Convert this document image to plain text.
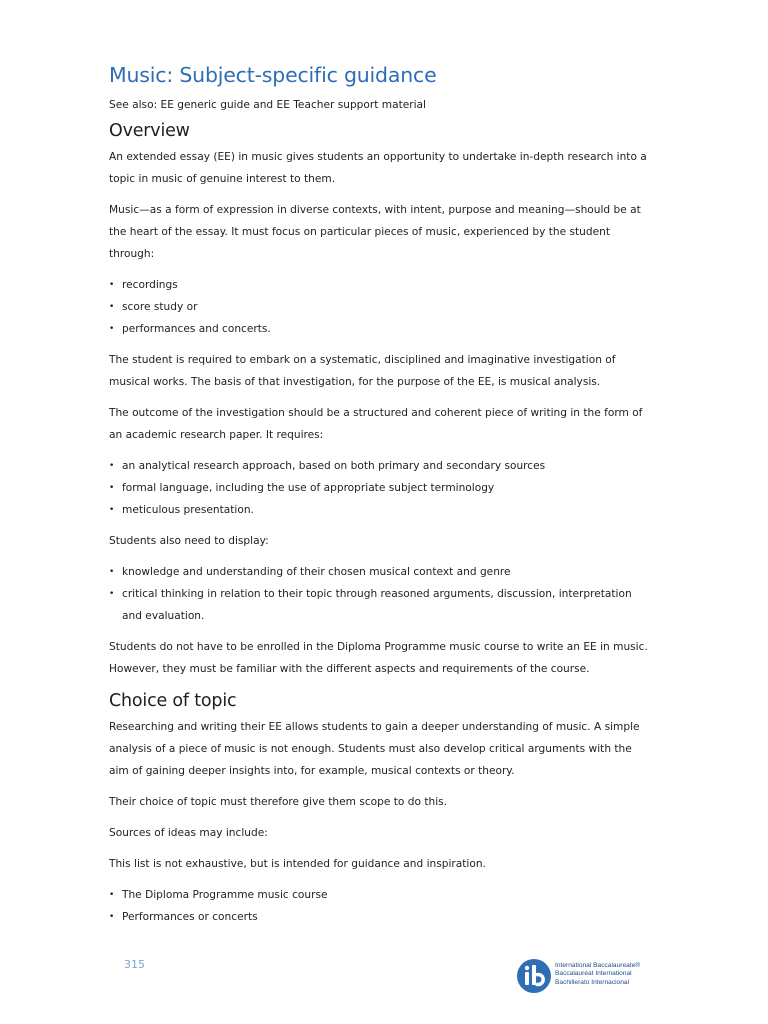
Music: Subject-specific guidance

See also: EE generic guide and EE Teacher support material

Overview

An extended essay (EE) in music gives students an opportunity to undertake in-depth research into a topic in music of genuine interest to them.

Music—as a form of expression in diverse contexts, with intent, purpose and meaning—should be at the heart of the essay. It must focus on particular pieces of music, experienced by the student through:

• recordings
• score study or
• performances and concerts.

The student is required to embark on a systematic, disciplined and imaginative investigation of musical works. The basis of that investigation, for the purpose of the EE, is musical analysis.

The outcome of the investigation should be a structured and coherent piece of writing in the form of an academic research paper. It requires:

• an analytical research approach, based on both primary and secondary sources
• formal language, including the use of appropriate subject terminology
• meticulous presentation.

Students also need to display:

• knowledge and understanding of their chosen musical context and genre
• critical thinking in relation to their topic through reasoned arguments, discussion, interpretation and evaluation.

Students do not have to be enrolled in the Diploma Programme music course to write an EE in music. However, they must be familiar with the different aspects and requirements of the course.

Choice of topic

Researching and writing their EE allows students to gain a deeper understanding of music. A simple analysis of a piece of music is not enough. Students must also develop critical arguments with the aim of gaining deeper insights into, for example, musical contexts or theory.

Their choice of topic must therefore give them scope to do this.

Sources of ideas may include:

This list is not exhaustive, but is intended for guidance and inspiration.

• The Diploma Programme music course
• Performances or concerts
315	International Baccalaureate®
Baccalauréat International
Bachillerato Internacional
